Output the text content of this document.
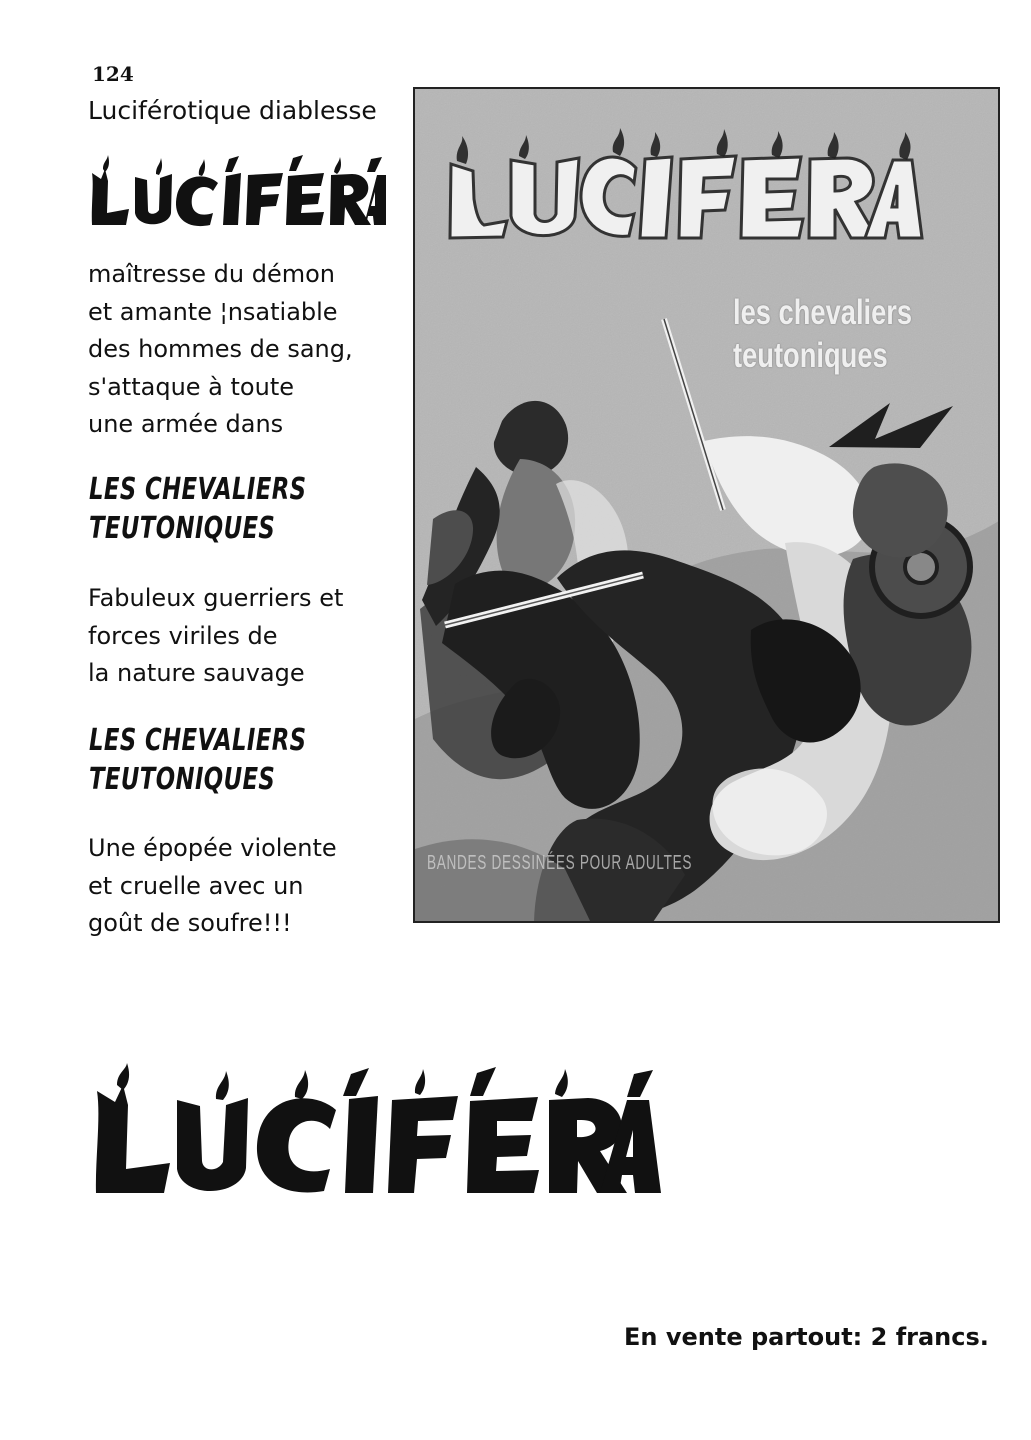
124
Luciférotique diablesse

maîtresse du démon
et amante ¦nsatiable
des hommes de sang,
s'attaque à toute
une armée dans

LES CHEVALIERS
TEUTONIQUES

Fabuleux guerriers et
forces viriles de
la nature sauvage

LES CHEVALIERS
TEUTONIQUES

Une épopée violente
et cruelle avec un
goût de soufre!!!

les chevaliers
teutoniques
BANDES DESSINÉES POUR ADULTES
En vente partout: 2 francs.
